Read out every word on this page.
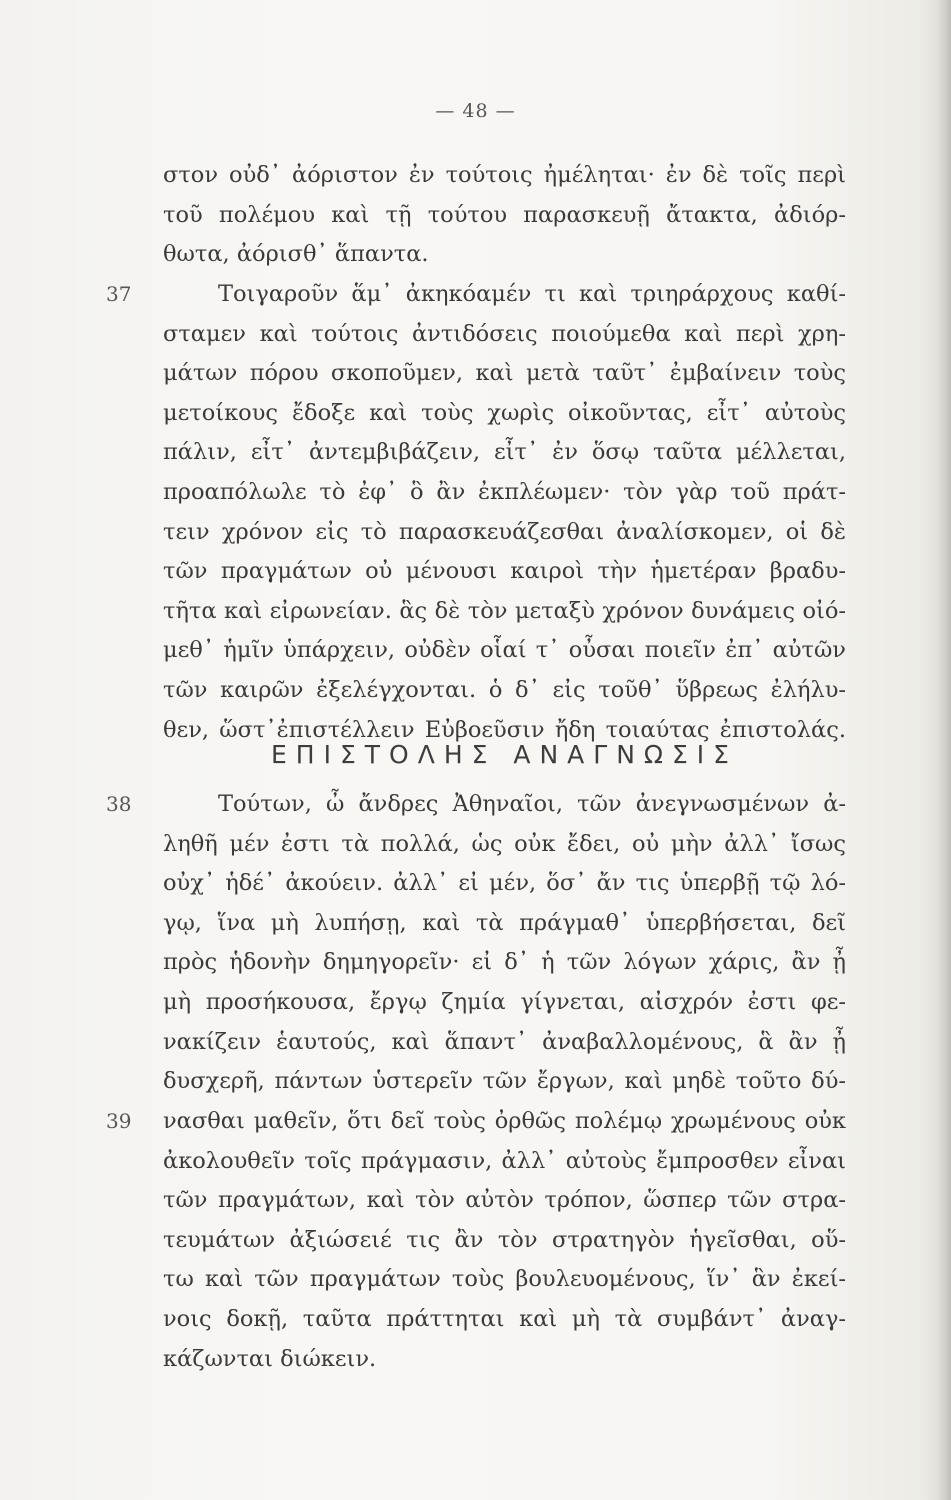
— 48 —
στον οὐδ᾽ ἀόριστον ἐν τούτοις ἠμέληται· ἐν δὲ τοῖς περὶ
τοῦ πολέμου καὶ τῇ τούτου παρασκευῇ ἄτακτα, ἀδιόρ-
θωτα, ἀόρισθ᾽ ἅπαντα.
37	Τοιγαροῦν ἅμ᾽ ἀκηκόαμέν τι καὶ τριηράρχους καθί-
σταμεν καὶ τούτοις ἀντιδόσεις ποιούμεθα καὶ περὶ χρη-
μάτων πόρου σκοποῦμεν, καὶ μετὰ ταῦτ᾽ ἐμβαίνειν τοὺς
μετοίκους ἔδοξε καὶ τοὺς χωρὶς οἰκοῦντας, εἶτ᾽ αὐτοὺς
πάλιν, εἶτ᾽ ἀντεμβιβάζειν, εἶτ᾽ ἐν ὅσῳ ταῦτα μέλλεται,
προαπόλωλε τὸ ἐφ᾽ ὃ ἂν ἐκπλέωμεν· τὸν γὰρ τοῦ πράτ-
τειν χρόνον εἰς τὸ παρασκευάζεσθαι ἀναλίσκομεν, οἱ δὲ
τῶν πραγμάτων οὐ μένουσι καιροὶ τὴν ἡμετέραν βραδυ-
τῆτα καὶ εἰρωνείαν. ἃς δὲ τὸν μεταξὺ χρόνον δυνάμεις οἰό-
μεθ᾽ ἡμῖν ὑπάρχειν, οὐδὲν οἷαί τ᾽ οὖσαι ποιεῖν ἐπ᾽ αὐτῶν
τῶν καιρῶν ἐξελέγχονται. ὁ δ᾽ εἰς τοῦθ᾽ ὕβρεως ἐλήλυ-
θεν, ὥστ᾽ἐπιστέλλειν Εὐβοεῦσιν ἤδη τοιαύτας ἐπιστολάς.
ΕΠΙΣΤΟΛΗΣ ΑΝΑΓΝΩΣΙΣ
38	Τούτων, ὦ ἄνδρες Ἀθηναῖοι, τῶν ἀνεγνωσμένων ἀ-
ληθῆ μέν ἐστι τὰ πολλά, ὡς οὐκ ἔδει, οὐ μὴν ἀλλ᾽ ἴσως
οὐχ᾽ ἡδέ᾽ ἀκούειν. ἀλλ᾽ εἰ μέν, ὅσ᾽ ἄν τις ὑπερβῇ τῷ λό-
γῳ, ἵνα μὴ λυπήσῃ, καὶ τὰ πράγμαθ᾽ ὑπερβήσεται, δεῖ
πρὸς ἡδονὴν δημηγορεῖν· εἰ δ᾽ ἡ τῶν λόγων χάρις, ἂν ᾖ
μὴ προσήκουσα, ἔργῳ ζημία γίγνεται, αἰσχρόν ἐστι φε-
νακίζειν ἑαυτούς, καὶ ἅπαντ᾽ ἀναβαλλομένους, ἃ ἂν ᾖ
δυσχερῆ, πάντων ὑστερεῖν τῶν ἔργων, καὶ μηδὲ τοῦτο δύ-
39 νασθαι μαθεῖν, ὅτι δεῖ τοὺς ὀρθῶς πολέμῳ χρωμένους οὐκ
ἀκολουθεῖν τοῖς πράγμασιν, ἀλλ᾽ αὐτοὺς ἔμπροσθεν εἶναι
τῶν πραγμάτων, καὶ τὸν αὐτὸν τρόπον, ὥσπερ τῶν στρα-
τευμάτων ἀξιώσειέ τις ἂν τὸν στρατηγὸν ἡγεῖσθαι, οὕ-
τω καὶ τῶν πραγμάτων τοὺς βουλευομένους, ἵν᾽ ἃν ἐκεί-
νοις δοκῇ, ταῦτα πράττηται καὶ μὴ τὰ συμβάντ᾽ ἀναγ-
κάζωνται διώκειν.
